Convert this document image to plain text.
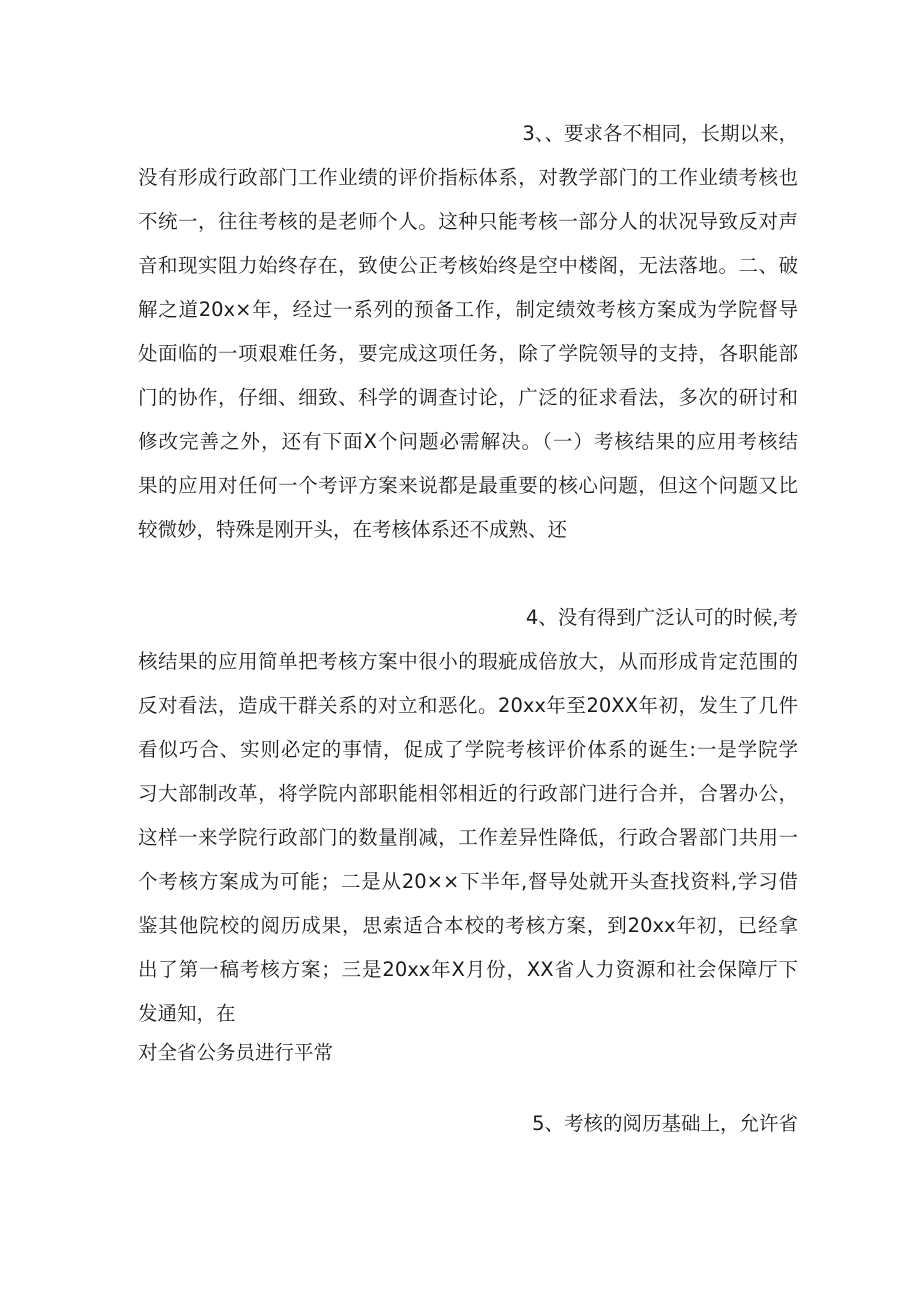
3、、要求各不相同，长期以来，
没有形成行政部门工作业绩的评价指标体系，对教学部门的工作业绩考核也
不统一，往往考核的是老师个人。这种只能考核一部分人的状况导致反对声
音和现实阻力始终存在，致使公正考核始终是空中楼阁，无法落地。二、破
解之道20x×年，经过一系列的预备工作，制定绩效考核方案成为学院督导
处面临的一项艰难任务，要完成这项任务，除了学院领导的支持，各职能部
门的协作，仔细、细致、科学的调查讨论，广泛的征求看法，多次的研讨和
修改完善之外，还有下面X个问题必需解决。（一）考核结果的应用考核结
果的应用对任何一个考评方案来说都是最重要的核心问题，但这个问题又比
较微妙，特殊是刚开头，在考核体系还不成熟、还
4、没有得到广泛认可的时候,考
核结果的应用简单把考核方案中很小的瑕疵成倍放大，从而形成肯定范围的
反对看法，造成干群关系的对立和恶化。20xx年至20XX年初，发生了几件
看似巧合、实则必定的事情，促成了学院考核评价体系的诞生:一是学院学
习大部制改革，将学院内部职能相邻相近的行政部门进行合并，合署办公，
这样一来学院行政部门的数量削减，工作差异性降低，行政合署部门共用一
个考核方案成为可能；二是从20××下半年,督导处就开头查找资料,学习借
鉴其他院校的阅历成果，思索适合本校的考核方案，到20xx年初，已经拿
出了第一稿考核方案；三是20xx年X月份，XX省人力资源和社会保障厅下
发通知，在
对全省公务员进行平常
5、考核的阅历基础上，允许省
